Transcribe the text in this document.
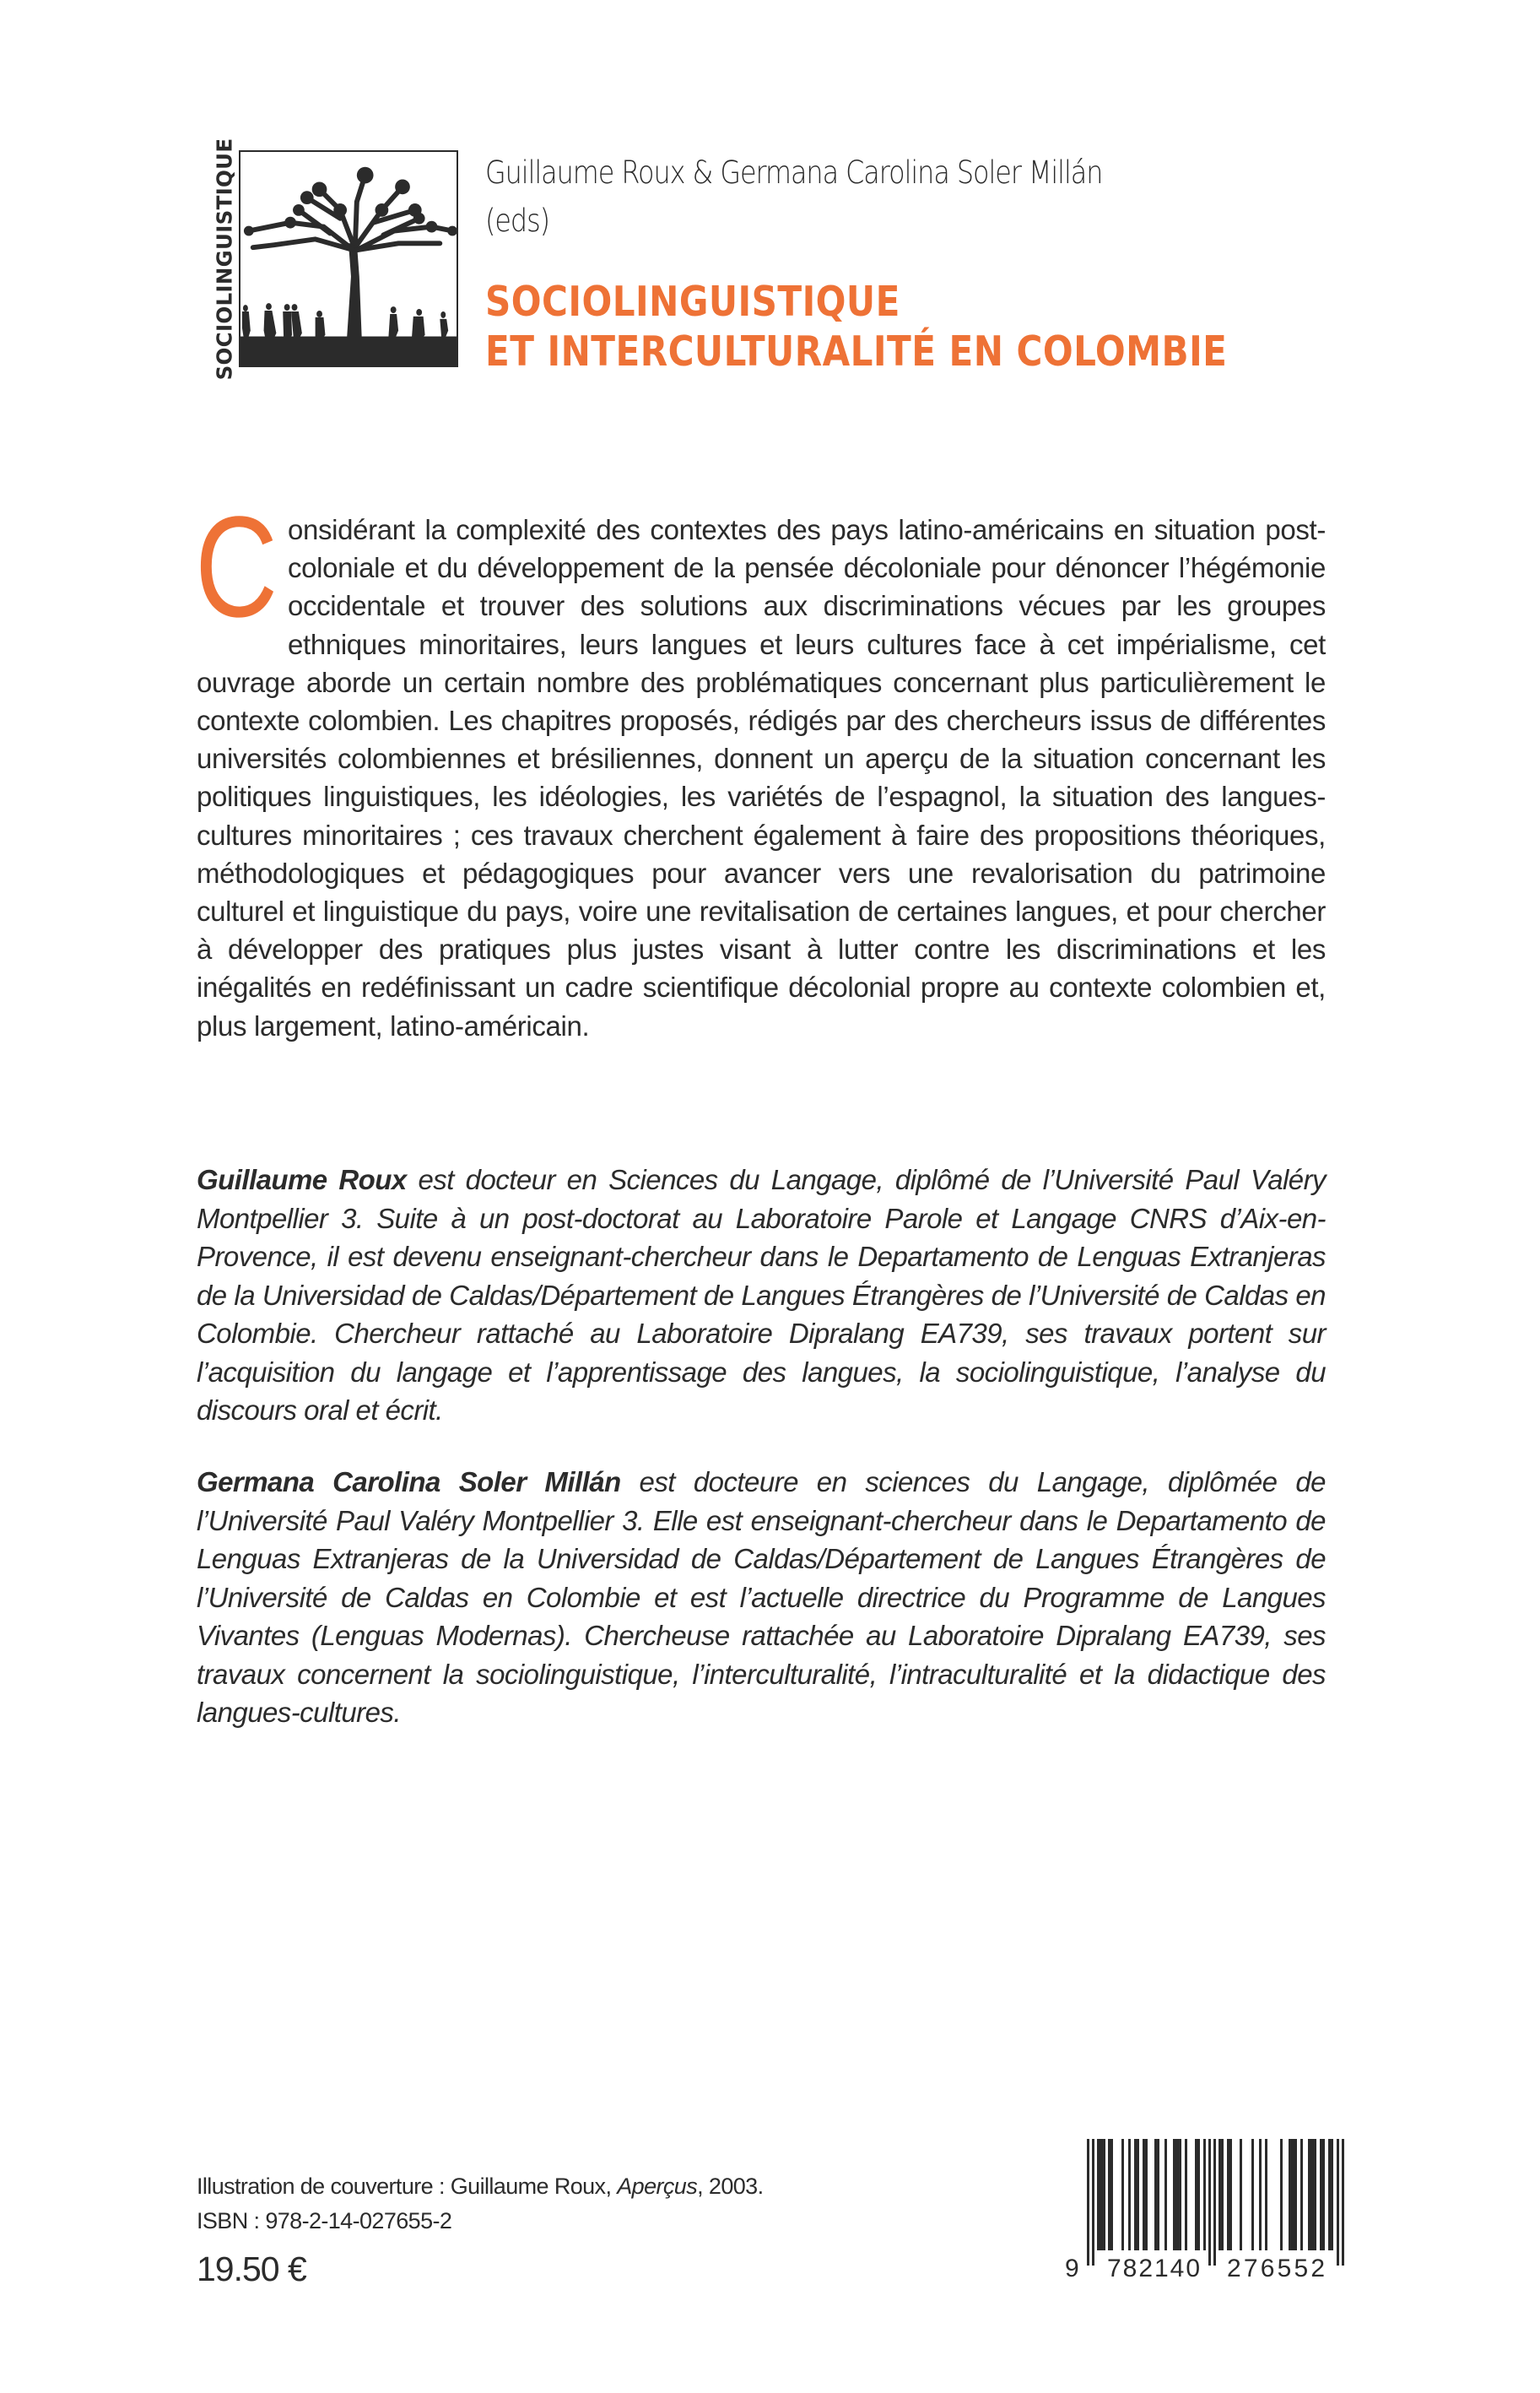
SOCIOLINGUISTIQUE	Guillaume Roux & Germana Carolina Soler Millán
(eds)
SOCIOLINGUISTIQUE
ET INTERCULTURALITÉ EN COLOMBIE
Considérant la complexité des contextes des pays latino-américains en situation post-coloniale et du développement de la pensée décoloniale pour dénoncer l’hégémonie occidentale et trouver des solutions aux discriminations vécues par les groupes ethniques minoritaires, leurs langues et leurs cultures face à cet impérialisme, cet ouvrage aborde un certain nombre des problématiques concernant plus particulièrement le contexte colombien. Les chapitres proposés, rédigés par des chercheurs issus de différentes universités colombiennes et brésiliennes, donnent un aperçu de la situation concernant les politiques linguistiques, les idéologies, les variétés de l’espagnol, la situation des langues-cultures minoritaires ; ces travaux cherchent également à faire des propositions théoriques, méthodologiques et pédagogiques pour avancer vers une revalorisation du patrimoine culturel et linguistique du pays, voire une revitalisation de certaines langues, et pour chercher à développer des pratiques plus justes visant à lutter contre les discriminations et les inégalités en redéfinissant un cadre scientifique décolonial propre au contexte colombien et, plus largement, latino-américain.
Guillaume Roux est docteur en Sciences du Langage, diplômé de l’Université Paul Valéry Montpellier 3. Suite à un post-doctorat au Laboratoire Parole et Langage CNRS d’Aix-en-Provence, il est devenu enseignant-chercheur dans le Departamento de Lenguas Extranjeras de la Universidad de Caldas/Département de Langues Étrangères de l’Université de Caldas en Colombie. Chercheur rattaché au Laboratoire Dipralang EA739, ses travaux portent sur l’acquisition du langage et l’apprentissage des langues, la sociolinguistique, l’analyse du discours oral et écrit.
Germana Carolina Soler Millán est docteure en sciences du Langage, diplômée de l’Université Paul Valéry Montpellier 3. Elle est enseignant-chercheur dans le Departamento de Lenguas Extranjeras de la Universidad de Caldas/Département de Langues Étrangères de l’Université de Caldas en Colombie et est l’actuelle directrice du Programme de Langues Vivantes (Lenguas Modernas). Chercheuse rattachée au Laboratoire Dipralang EA739, ses travaux concernent la sociolinguistique, l’interculturalité, l’intraculturalité et la didactique des langues-cultures.
Illustration de couverture : Guillaume Roux, Aperçus, 2003.
ISBN : 978-2-14-027655-2
19.50 €	9 782140 276552
